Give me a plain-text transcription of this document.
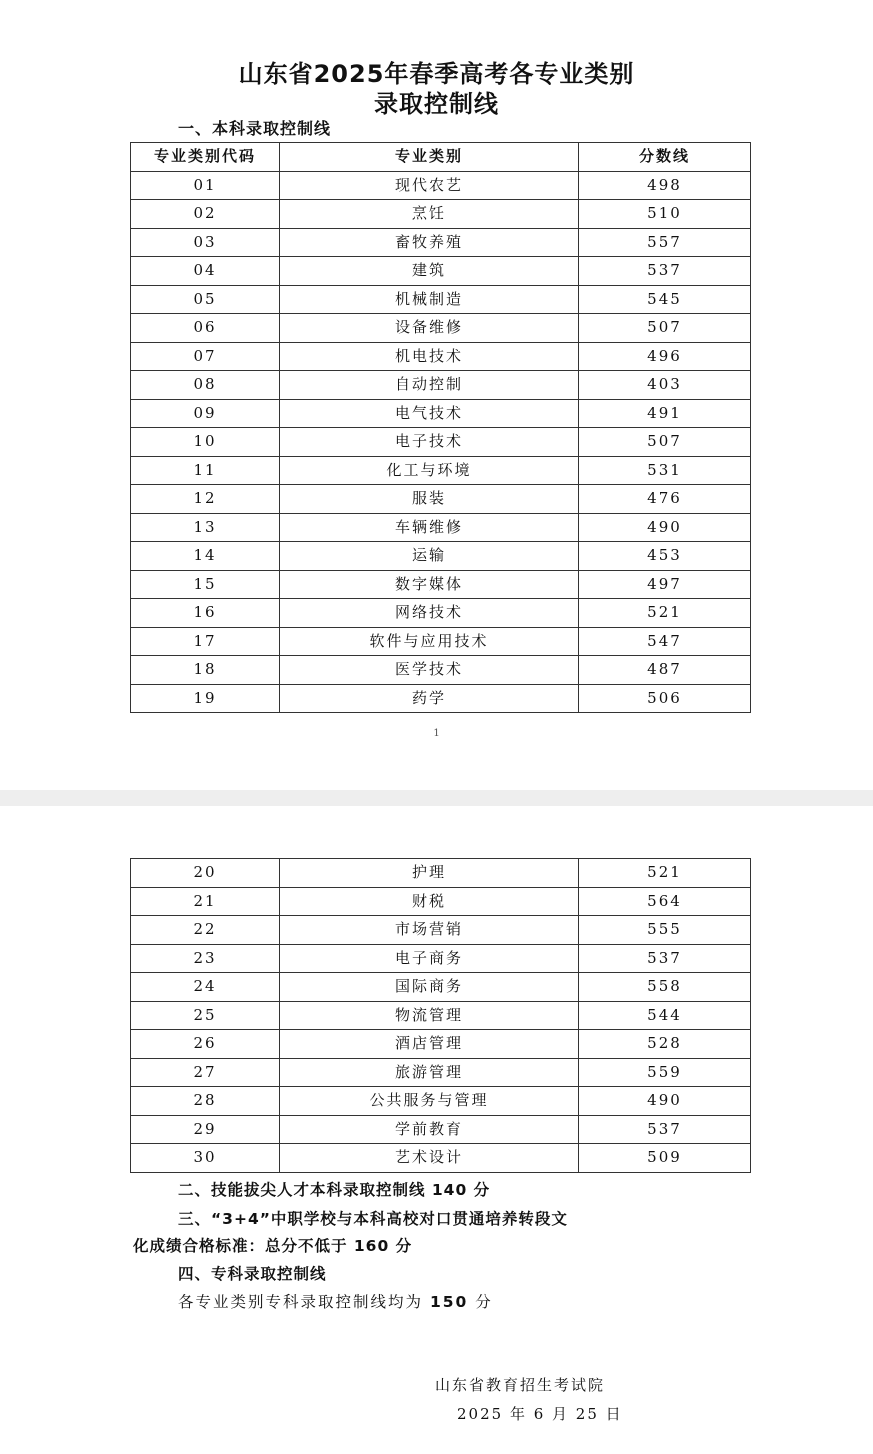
山东省2025年春季高考各专业类别
录取控制线
一、本科录取控制线
专业类别代码	专业类别	分数线
01	现代农艺	498
02	烹饪	510
03	畜牧养殖	557
04	建筑	537
05	机械制造	545
06	设备维修	507
07	机电技术	496
08	自动控制	403
09	电气技术	491
10	电子技术	507
11	化工与环境	531
12	服装	476
13	车辆维修	490
14	运输	453
15	数字媒体	497
16	网络技术	521
17	软件与应用技术	547
18	医学技术	487
19	药学	506
1
20	护理	521
21	财税	564
22	市场营销	555
23	电子商务	537
24	国际商务	558
25	物流管理	544
26	酒店管理	528
27	旅游管理	559
28	公共服务与管理	490
29	学前教育	537
30	艺术设计	509
二、技能拔尖人才本科录取控制线 140 分
三、“3+4”中职学校与本科高校对口贯通培养转段文
化成绩合格标准：总分不低于 160 分
四、专科录取控制线
各专业类别专科录取控制线均为 150 分
山东省教育招生考试院
2025 年 6 月 25 日
